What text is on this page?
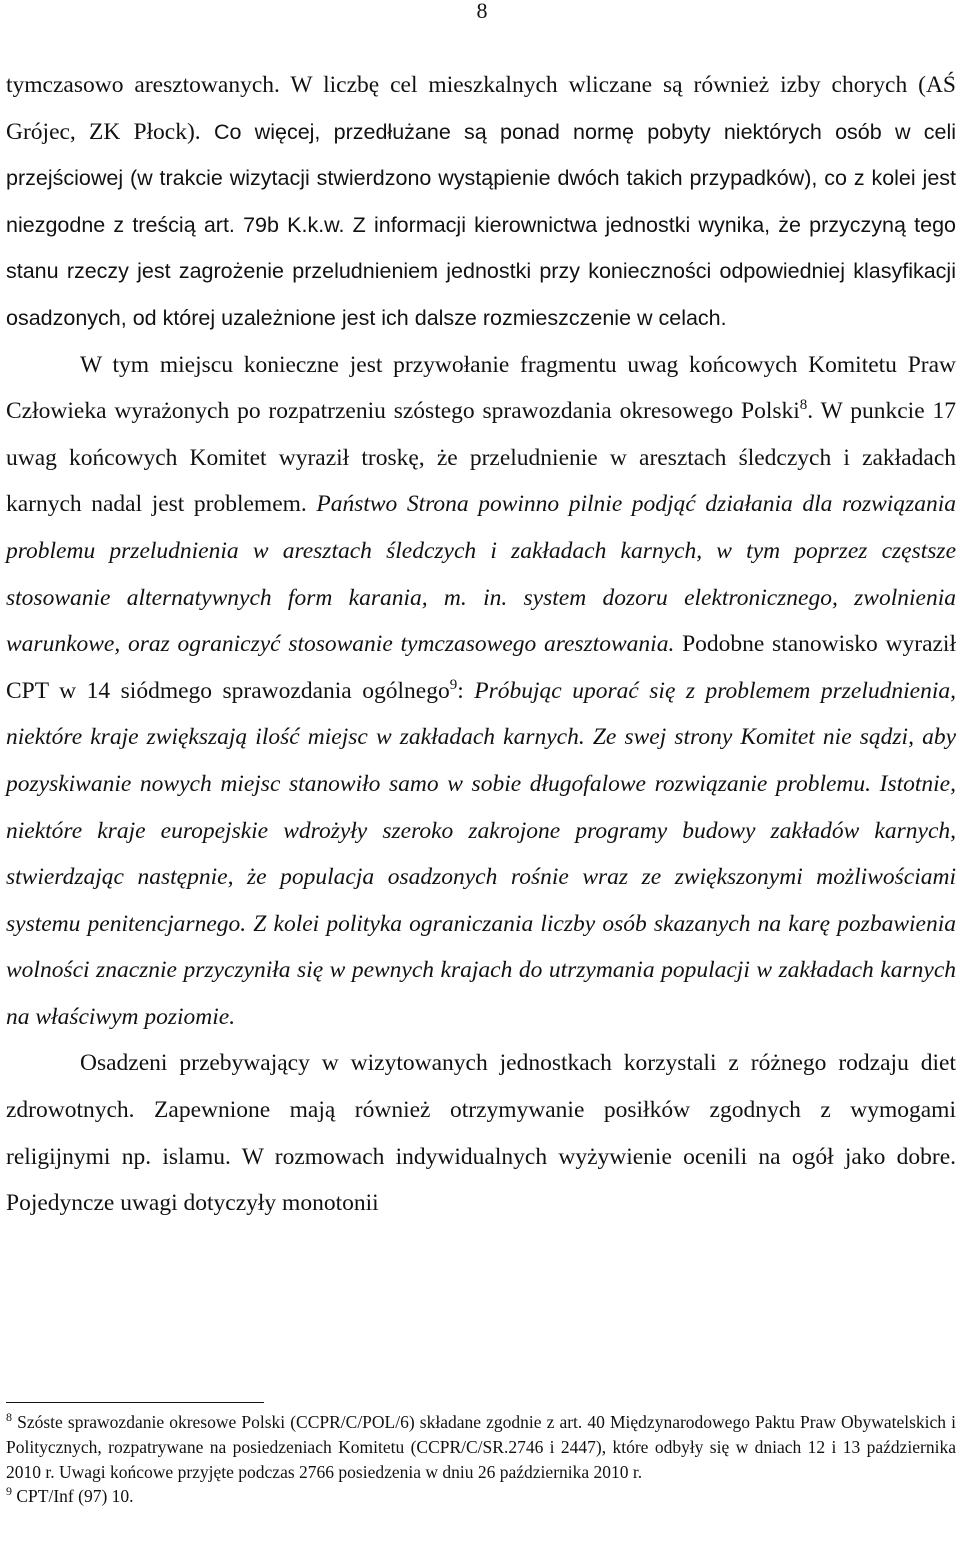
8

tymczasowo aresztowanych. W liczbę cel mieszkalnych wliczane są również izby chorych (AŚ Grójec, ZK Płock). Co więcej, przedłużane są ponad normę pobyty niektórych osób w celi przejściowej (w trakcie wizytacji stwierdzono wystąpienie dwóch takich przypadków), co z kolei jest niezgodne z treścią art. 79b K.k.w. Z informacji kierownictwa jednostki wynika, że przyczyną tego stanu rzeczy jest zagrożenie przeludnieniem jednostki przy konieczności odpowiedniej klasyfikacji osadzonych, od której uzależnione jest ich dalsze rozmieszczenie w celach.

W tym miejscu konieczne jest przywołanie fragmentu uwag końcowych Komitetu Praw Człowieka wyrażonych po rozpatrzeniu szóstego sprawozdania okresowego Polski$^8$. W punkcie 17 uwag końcowych Komitet wyraził troskę, że przeludnienie w aresztach śledczych i zakładach karnych nadal jest problemem. Państwo Strona powinno pilnie podjąć działania dla rozwiązania problemu przeludnienia w aresztach śledczych i zakładach karnych, w tym poprzez częstsze stosowanie alternatywnych form karania, m. in. system dozoru elektronicznego, zwolnienia warunkowe, oraz ograniczyć stosowanie tymczasowego aresztowania. Podobne stanowisko wyraził CPT w 14 siódmego sprawozdania ogólnego$^9$: Próbując uporać się z problemem przeludnienia, niektóre kraje zwiększają ilość miejsc w zakładach karnych. Ze swej strony Komitet nie sądzi, aby pozyskiwanie nowych miejsc stanowiło samo w sobie długofalowe rozwiązanie problemu. Istotnie, niektóre kraje europejskie wdrożyły szeroko zakrojone programy budowy zakładów karnych, stwierdzając następnie, że populacja osadzonych rośnie wraz ze zwiększonymi możliwościami systemu penitencjarnego. Z kolei polityka ograniczania liczby osób skazanych na karę pozbawienia wolności znacznie przyczyniła się w pewnych krajach do utrzymania populacji w zakładach karnych na właściwym poziomie.

Osadzeni przebywający w wizytowanych jednostkach korzystali z różnego rodzaju diet zdrowotnych. Zapewnione mają również otrzymywanie posiłków zgodnych z wymogami religijnymi np. islamu. W rozmowach indywidualnych wyżywienie ocenili na ogół jako dobre. Pojedyncze uwagi dotyczyły monotonii

$^8$ Szóste sprawozdanie okresowe Polski (CCPR/C/POL/6) składane zgodnie z art. 40 Międzynarodowego Paktu Praw Obywatelskich i Politycznych, rozpatrywane na posiedzeniach Komitetu (CCPR/C/SR.2746 i 2447), które odbyły się w dniach 12 i 13 października 2010 r. Uwagi końcowe przyjęte podczas 2766 posiedzenia w dniu 26 października 2010 r.

$^9$ CPT/Inf (97) 10.
